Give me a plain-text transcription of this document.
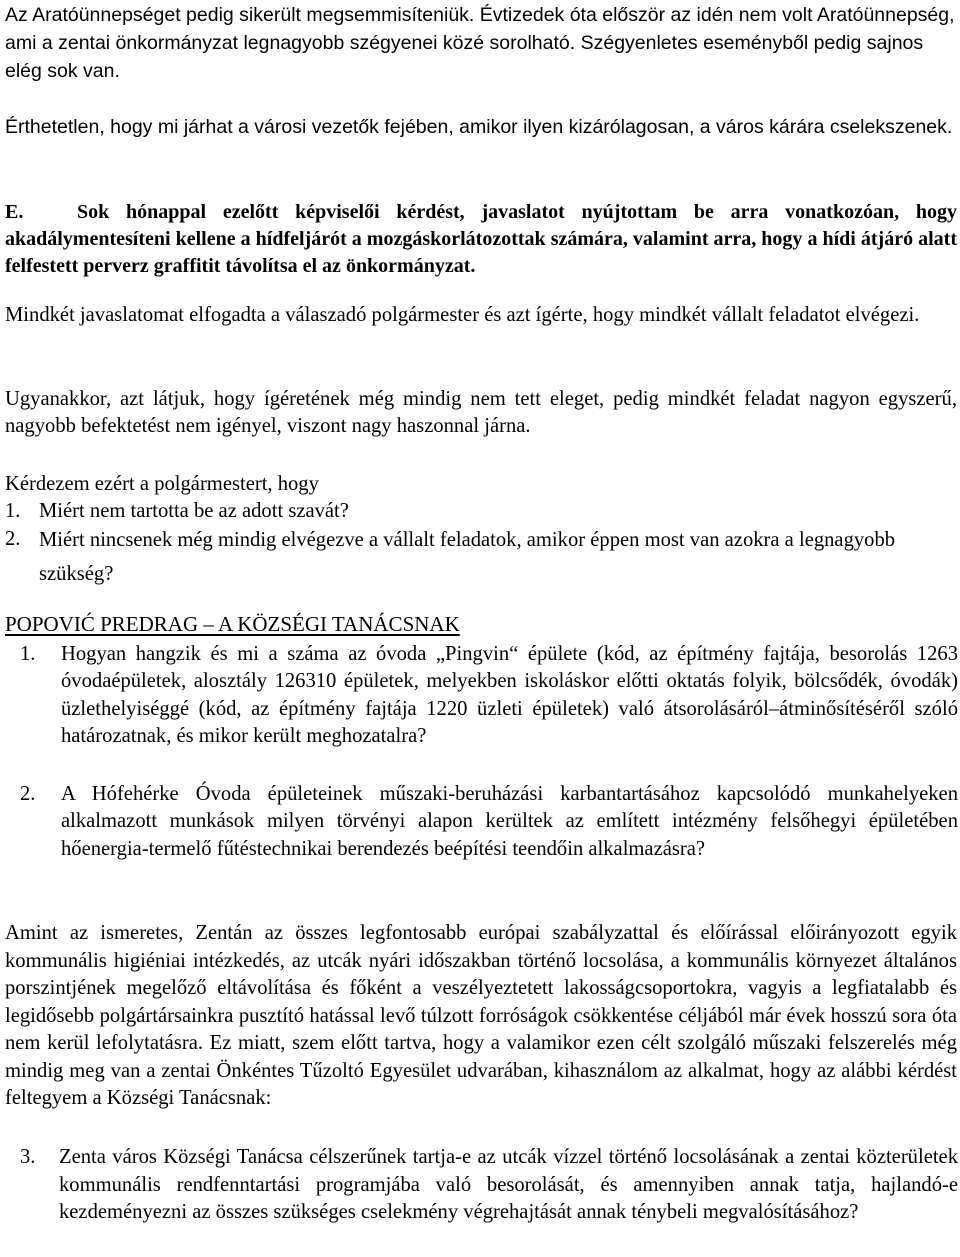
Az Aratóünnepséget pedig sikerült megsemmisíteniük. Évtizedek óta először az idén nem volt Aratóünnepség, ami a zentai önkormányzat legnagyobb szégyenei közé sorolható. Szégyenletes eseményből pedig sajnos elég sok van.

Érthetetlen, hogy mi járhat a városi vezetők fejében, amikor ilyen kizárólagosan, a város kárára cselekszenek.

E.	Sok hónappal ezelőtt képviselői kérdést, javaslatot nyújtottam be arra vonatkozóan, hogy akadálymentesíteni kellene a hídfeljárót a mozgáskorlátozottak számára, valamint arra, hogy a hídi átjáró alatt felfestett perverz graffitit távolítsa el az önkormányzat.

Mindkét javaslatomat elfogadta a válaszadó polgármester és azt ígérte, hogy mindkét vállalt feladatot elvégezi.

Ugyanakkor, azt látjuk, hogy ígéretének még mindig nem tett eleget, pedig mindkét feladat nagyon egyszerű, nagyobb befektetést nem igényel, viszont nagy haszonnal járna.

Kérdezem ezért a polgármestert, hogy

1. Miért nem tartotta be az adott szavát?
2. Miért nincsenek még mindig elvégezve a vállalt feladatok, amikor éppen most van azokra a legnagyobb szükség?

POPOVIĆ PREDRAG – A KÖZSÉGI TANÁCSNAK

1. Hogyan hangzik és mi a száma az óvoda „Pingvin“ épülete (kód, az építmény fajtája, besorolás 1263 óvodaépületek, alosztály 126310 épületek, melyekben iskoláskor előtti oktatás folyik, bölcsődék, óvodák) üzlethelyiséggé (kód, az építmény fajtája 1220 üzleti épületek) való átsorolásáról–átminősítéséről szóló határozatnak, és mikor került meghozatalra?

2. A Hófehérke Óvoda épületeinek műszaki-beruházási karbantartásához kapcsolódó munkahelyeken alkalmazott munkások milyen törvényi alapon kerültek az említett intézmény felsőhegyi épületében hőenergia-termelő fűtéstechnikai berendezés beépítési teendőin alkalmazásra?

Amint az ismeretes, Zentán az összes legfontosabb európai szabályzattal és előírással előirányozott egyik kommunális higiéniai intézkedés, az utcák nyári időszakban történő locsolása, a kommunális környezet általános porszintjének megelőző eltávolítása és főként a veszélyeztetett lakosságcsoportokra, vagyis a legfiatalabb és legidősebb polgártársainkra pusztító hatással levő túlzott forróságok csökkentése céljából már évek hosszú sora óta nem kerül lefolytatásra. Ez miatt, szem előtt tartva, hogy a valamikor ezen célt szolgáló műszaki felszerelés még mindig meg van a zentai Önkéntes Tűzoltó Egyesület udvarában, kihasználom az alkalmat, hogy az alábbi kérdést feltegyem a Községi Tanácsnak:

3. Zenta város Községi Tanácsa célszerűnek tartja-e az utcák vízzel történő locsolásának a zentai közterületek kommunális rendfenntartási programjába való besorolását, és amennyiben annak tatja, hajlandó-e kezdeményezni az összes szükséges cselekmény végrehajtását annak ténybeli megvalósításához?
